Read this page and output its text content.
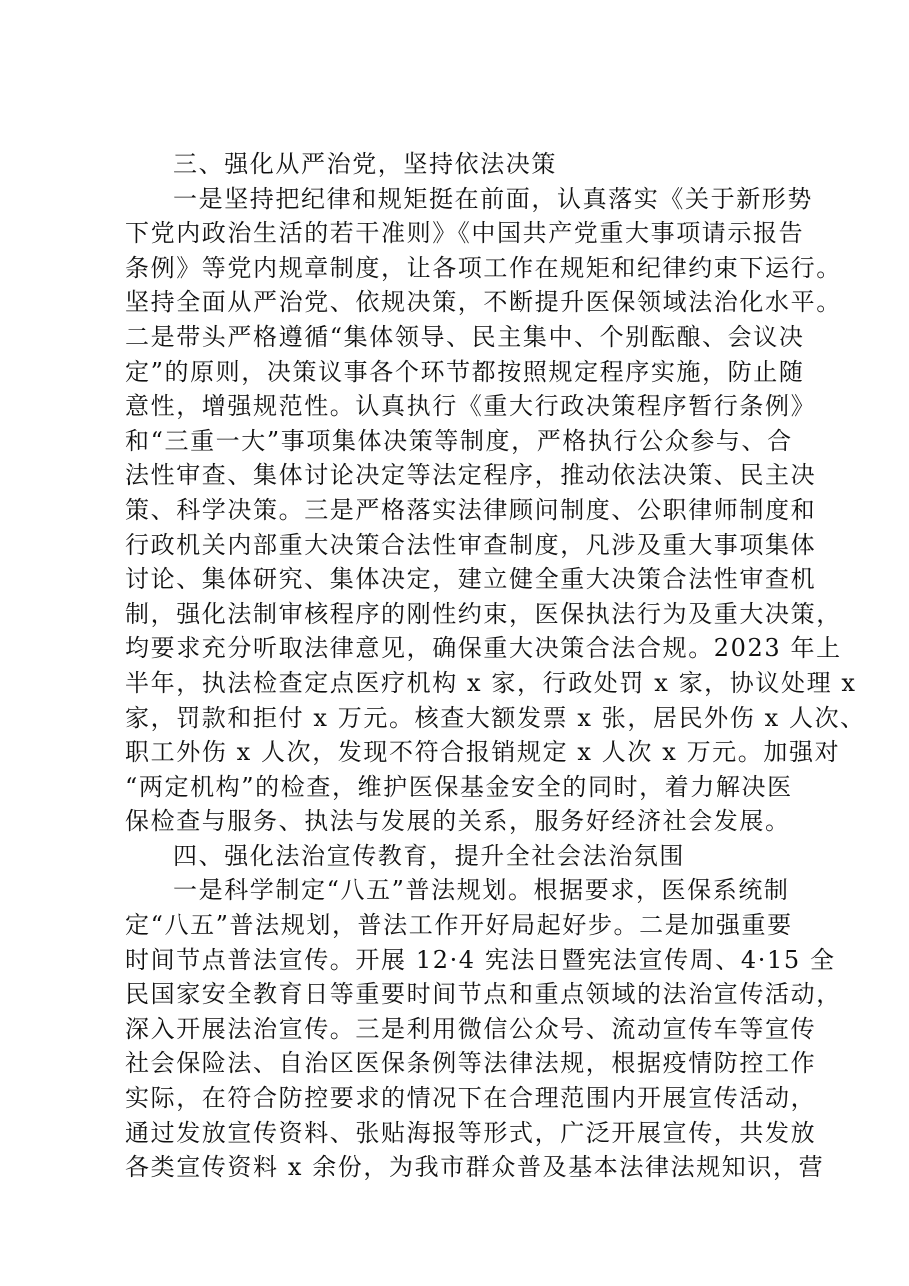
三、强化从严治党，坚持依法决策
一是坚持把纪律和规矩挺在前面，认真落实《关于新形势
下党内政治生活的若干准则》《中国共产党重大事项请示报告
条例》等党内规章制度，让各项工作在规矩和纪律约束下运行。
坚持全面从严治党、依规决策，不断提升医保领域法治化水平。
二是带头严格遵循“集体领导、民主集中、个别酝酿、会议决
定”的原则，决策议事各个环节都按照规定程序实施，防止随
意性，增强规范性。认真执行《重大行政决策程序暂行条例》
和“三重一大”事项集体决策等制度，严格执行公众参与、合
法性审查、集体讨论决定等法定程序，推动依法决策、民主决
策、科学决策。三是严格落实法律顾问制度、公职律师制度和
行政机关内部重大决策合法性审查制度，凡涉及重大事项集体
讨论、集体研究、集体决定，建立健全重大决策合法性审查机
制，强化法制审核程序的刚性约束，医保执法行为及重大决策，
均要求充分听取法律意见，确保重大决策合法合规。2023 年上
半年，执法检查定点医疗机构 x 家，行政处罚 x 家，协议处理 x
家，罚款和拒付 x 万元。核查大额发票 x 张，居民外伤 x 人次、
职工外伤 x 人次，发现不符合报销规定 x 人次 x 万元。加强对
“两定机构”的检查，维护医保基金安全的同时，着力解决医
保检查与服务、执法与发展的关系，服务好经济社会发展。
四、强化法治宣传教育，提升全社会法治氛围
一是科学制定“八五”普法规划。根据要求，医保系统制
定“八五”普法规划，普法工作开好局起好步。二是加强重要
时间节点普法宣传。开展 12·4 宪法日暨宪法宣传周、4·15 全
民国家安全教育日等重要时间节点和重点领域的法治宣传活动，
深入开展法治宣传。三是利用微信公众号、流动宣传车等宣传
社会保险法、自治区医保条例等法律法规，根据疫情防控工作
实际，在符合防控要求的情况下在合理范围内开展宣传活动，
通过发放宣传资料、张贴海报等形式，广泛开展宣传，共发放
各类宣传资料 x 余份，为我市群众普及基本法律法规知识，营
